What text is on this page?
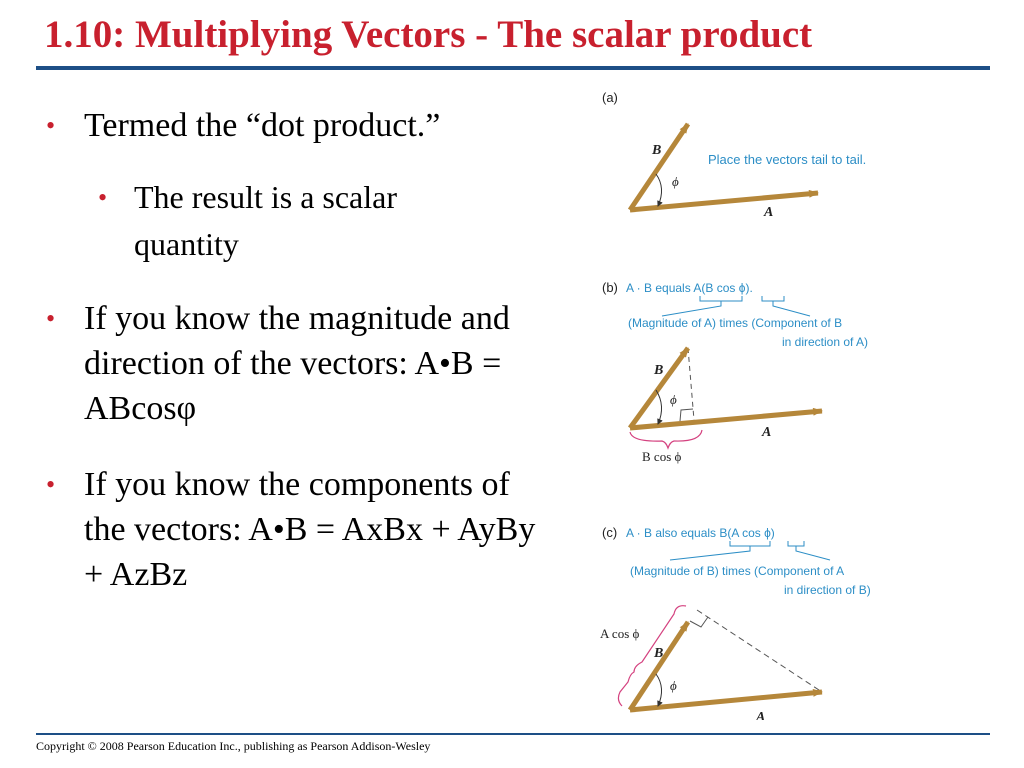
1.10: Multiplying Vectors - The scalar product
• Termed the “dot product.”
• The result is a scalar quantity
• If you know the magnitude and direction of the vectors: A•B = ABcosφ
• If you know the components of the vectors: A•B = AxBx + AyBy + AzBz
(a)
ϕ
B
A
Place the vectors tail to tail.
(b) A · B equals A(B cos ϕ).
(Magnitude of A) times (Component of B
in direction of A)
ϕ
B
A
B cos ϕ
(c) A · B also equals B(A cos ϕ)
(Magnitude of B) times (Component of A
in direction of B)
ϕ
B
A
A cos ϕ
Copyright © 2008 Pearson Education Inc., publishing as Pearson Addison-Wesley
